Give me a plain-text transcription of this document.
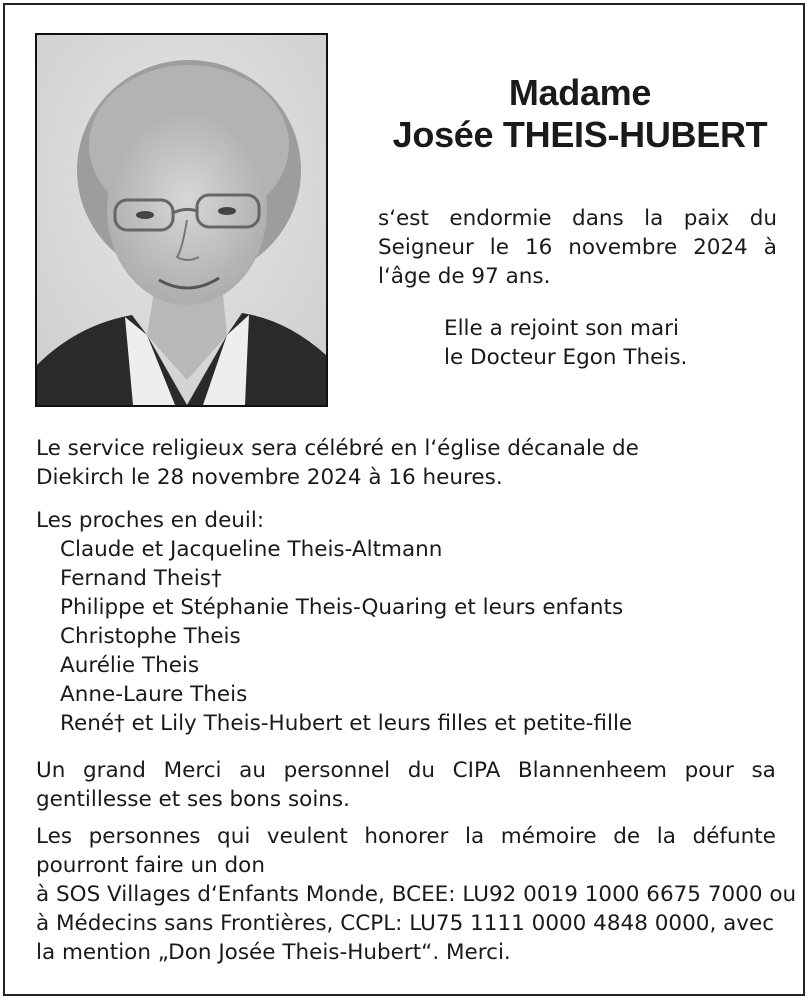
Madame
Josée THEIS-HUBERT
s‘est endormie dans la paix du
Seigneur le 16 novembre 2024 à
l‘âge de 97 ans.
Elle a rejoint son mari
le Docteur Egon Theis.
Le service religieux sera célébré en l‘église décanale de
Diekirch le 28 novembre 2024 à 16 heures.
Les proches en deuil:
Claude et Jacqueline Theis-Altmann
Fernand Theis†
Philippe et Stéphanie Theis-Quaring et leurs enfants
Christophe Theis
Aurélie Theis
Anne-Laure Theis
René† et Lily Theis-Hubert et leurs filles et petite-fille
Un grand Merci au personnel du CIPA Blannenheem pour sa
gentillesse et ses bons soins.
Les personnes qui veulent honorer la mémoire de la défunte
pourront faire un don
à SOS Villages d‘Enfants Monde, BCEE: LU92 0019 1000 6675 7000 ou
à Médecins sans Frontières, CCPL: LU75 1111 0000 4848 0000, avec
la mention „Don Josée Theis-Hubert“. Merci.
